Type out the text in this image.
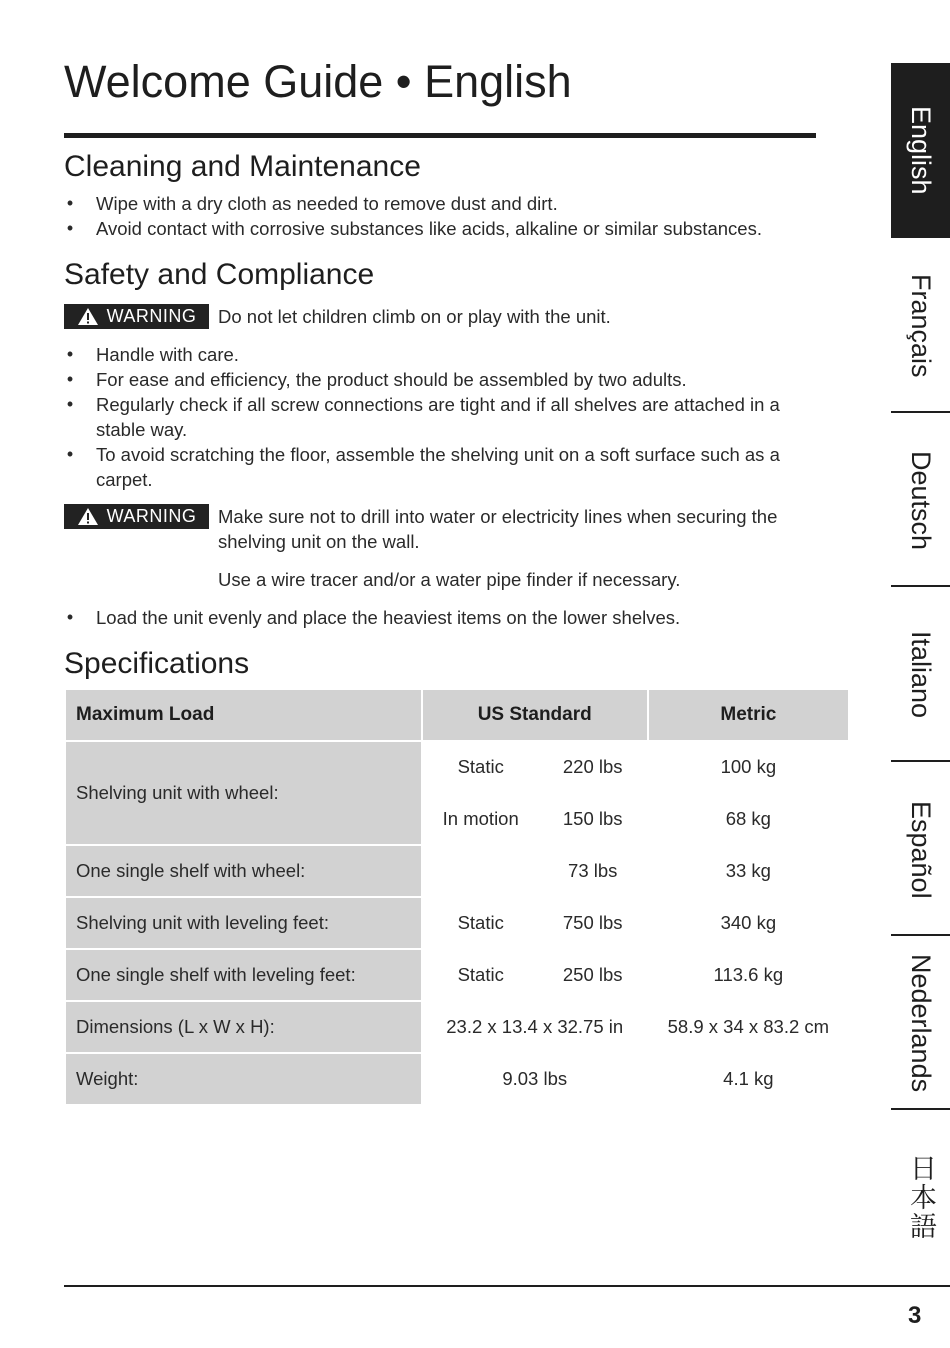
Welcome Guide • English
Cleaning and Maintenance
• Wipe with a dry cloth as needed to remove dust and dirt.
• Avoid contact with corrosive substances like acids, alkaline or similar substances.
Safety and Compliance
WARNING Do not let children climb on or play with the unit.
• Handle with care.
• For ease and efficiency, the product should be assembled by two adults.
• Regularly check if all screw connections are tight and if all shelves are attached in a stable way.
• To avoid scratching the floor, assemble the shelving unit on a soft surface such as a carpet.
WARNING Make sure not to drill into water or electricity lines when securing the shelving unit on the wall.
Use a wire tracer and/or a water pipe finder if necessary.
• Load the unit evenly and place the heaviest items on the lower shelves.
Specifications
Maximum Load	US Standard	Metric
Shelving unit with wheel:	Static 220 lbs	100 kg

	In motion 150 lbs	68 kg
One single shelf with wheel:	73 lbs	33 kg
Shelving unit with leveling feet:	Static 750 lbs	340 kg
One single shelf with leveling feet:	Static 250 lbs	113.6 kg
Dimensions (L x W x H):	23.2 x 13.4 x 32.75 in	58.9 x 34 x 83.2 cm
Weight:	9.03 lbs	4.1 kg
English
Français
Deutsch
Italiano
Español
Nederlands
日本語
3
